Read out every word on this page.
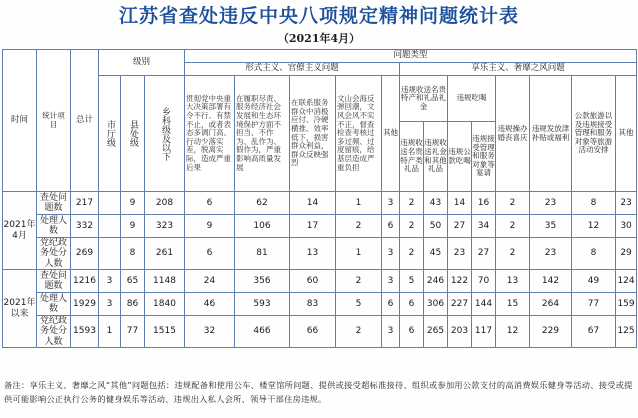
江苏省查处违反中央八项规定精神问题统计表
（2021年4月）
时间	统计项目	总计	级别			问题类型												
						形式主义、官僚主义问题					享乐主义、奢靡之风问题							

			市厅级	县处级	乡科级及以下	贯彻党中央重大决策部署有令不行、有禁不止，或者表态多调门高、行动少落实差，脱离实际，造成严重后果	在履职尽责、服务经济社会发展和生态环境保护方面不担当、不作为、乱作为、假作为，严重影响高质量发展	在联系服务群众中消极应付、冷硬横推、效率低下，损害群众利益，群众反映强烈	文山会海反弹回潮，文风会风不实不正，督查检查考核过多过频、过度留痕，给基层造成严重负担	其他	违规收送名贵特产和礼品礼金		违规吃喝		违规操办婚丧喜庆	违规发放津补贴或福利	公款旅游以及违规接受管理和服务对象等旅游活动安排	其他

											违规收送名贵特产类礼品	违规收送礼金和其他礼品	违规公款吃喝	违规接受管理和服务对象等宴请				
2021年4月	查处问题数	217		9	208	6	62	14	1	3	2	43	14	16	2	23	8	23
	处理人数	332		9	323	9	106	17	2	6	2	50	27	34	2	35	12	30
	党纪政务处分人数	269		8	261	6	81	13	1	3	2	45	23	27	2	23	8	29
2021年以来	查处问题数	1216	3	65	1148	24	356	60	2	3	5	246	122	70	13	142	49	124
	处理人数	1929	3	86	1840	46	593	83	5	6	6	306	227	144	15	264	77	159
	党纪政务处分人数	1593	1	77	1515	32	466	66	2	3	6	265	203	117	12	229	67	125
备注：享乐主义、奢靡之风“其他”问题包括：违规配备和使用公车、楼堂馆所问题、提供或接受超标准接待、组织或参加用公款支付的高消费娱乐健身等活动、接受或提供可能影响公正执行公务的健身娱乐等活动、违规出入私人会所、领导干部住房违规。
